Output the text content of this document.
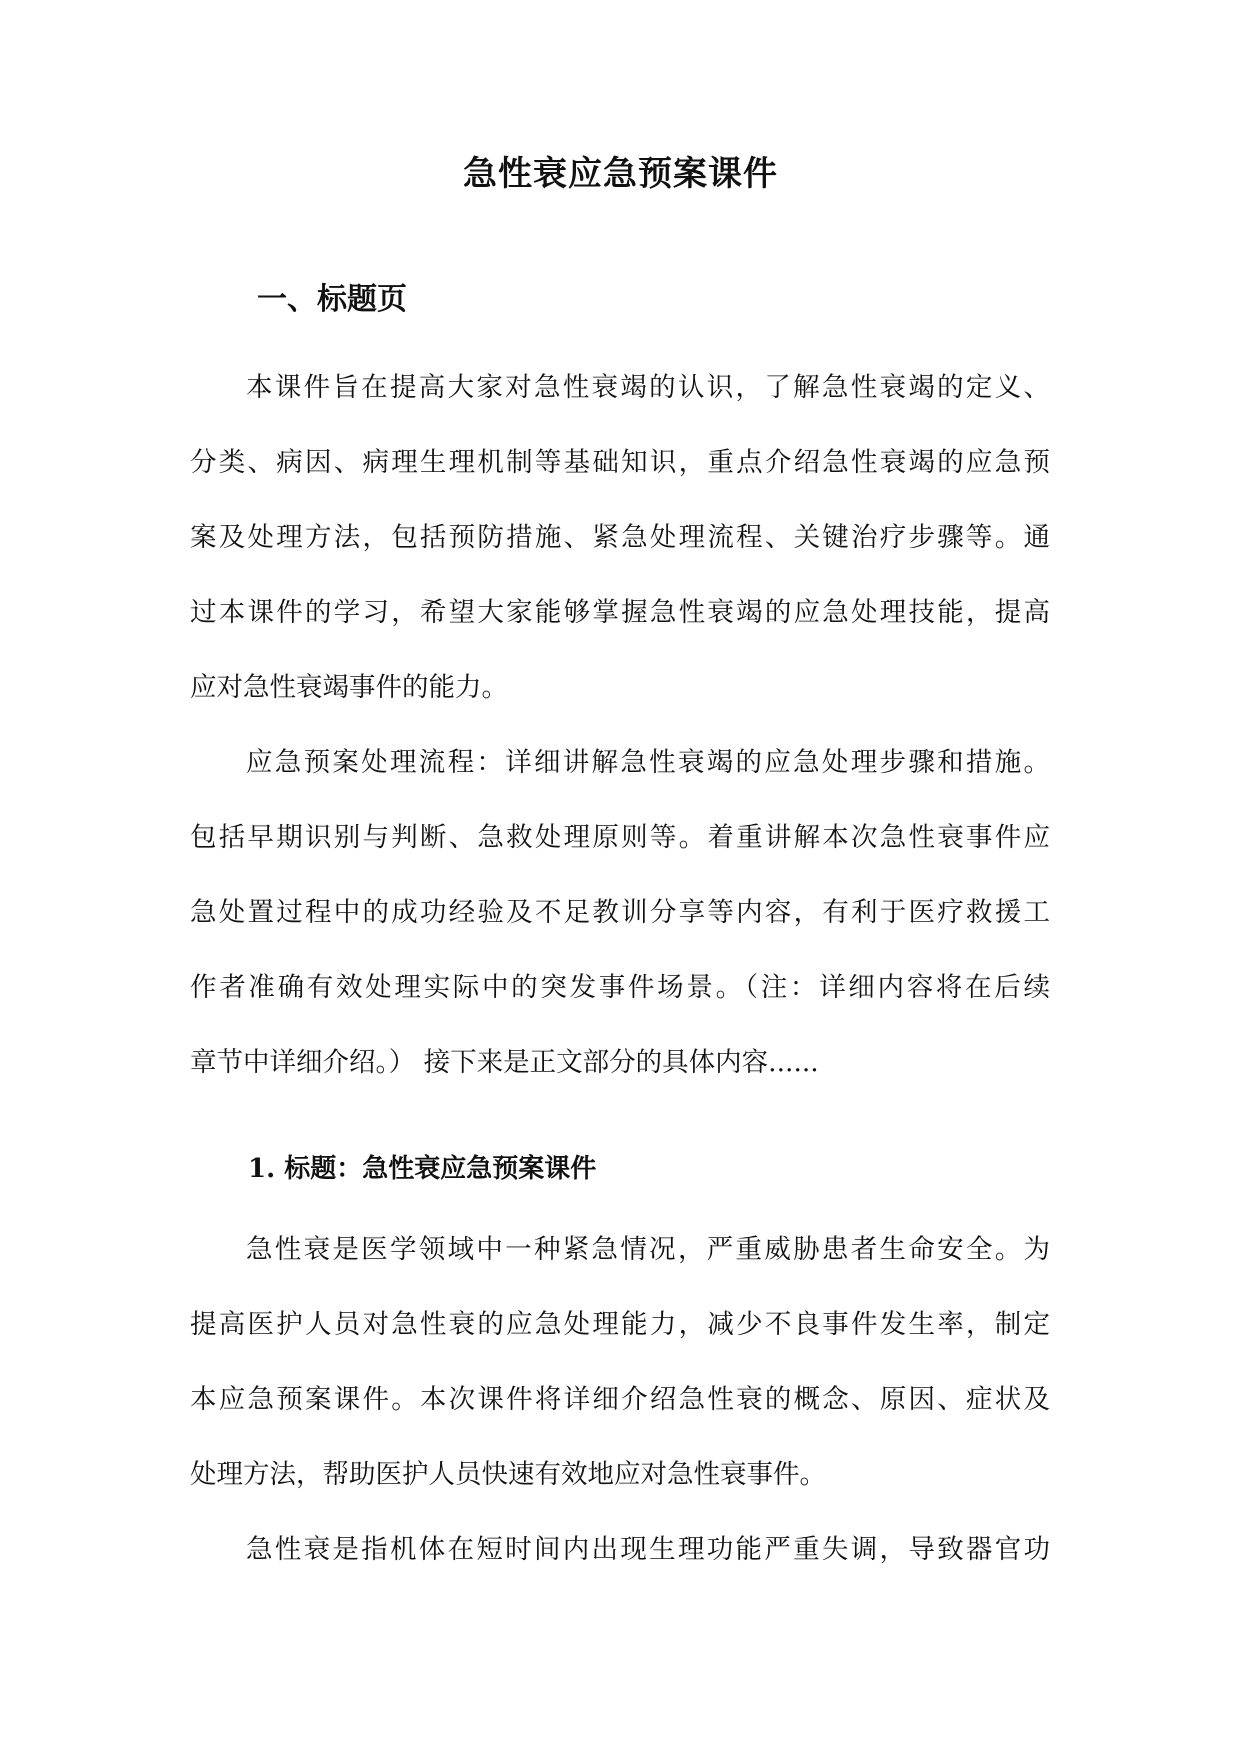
急性衰应急预案课件
一、标题页
本课件旨在提高大家对急性衰竭的认识，了解急性衰竭的定义、
分类、病因、病理生理机制等基础知识，重点介绍急性衰竭的应急预
案及处理方法，包括预防措施、紧急处理流程、关键治疗步骤等。通
过本课件的学习，希望大家能够掌握急性衰竭的应急处理技能，提高
应对急性衰竭事件的能力。
应急预案处理流程：详细讲解急性衰竭的应急处理步骤和措施。
包括早期识别与判断、急救处理原则等。着重讲解本次急性衰事件应
急处置过程中的成功经验及不足教训分享等内容，有利于医疗救援工
作者准确有效处理实际中的突发事件场景。（注：详细内容将在后续
章节中详细介绍。） 接下来是正文部分的具体内容......
1. 标题：急性衰应急预案课件
急性衰是医学领域中一种紧急情况，严重威胁患者生命安全。为
提高医护人员对急性衰的应急处理能力，减少不良事件发生率，制定
本应急预案课件。本次课件将详细介绍急性衰的概念、原因、症状及
处理方法，帮助医护人员快速有效地应对急性衰事件。
急性衰是指机体在短时间内出现生理功能严重失调，导致器官功
